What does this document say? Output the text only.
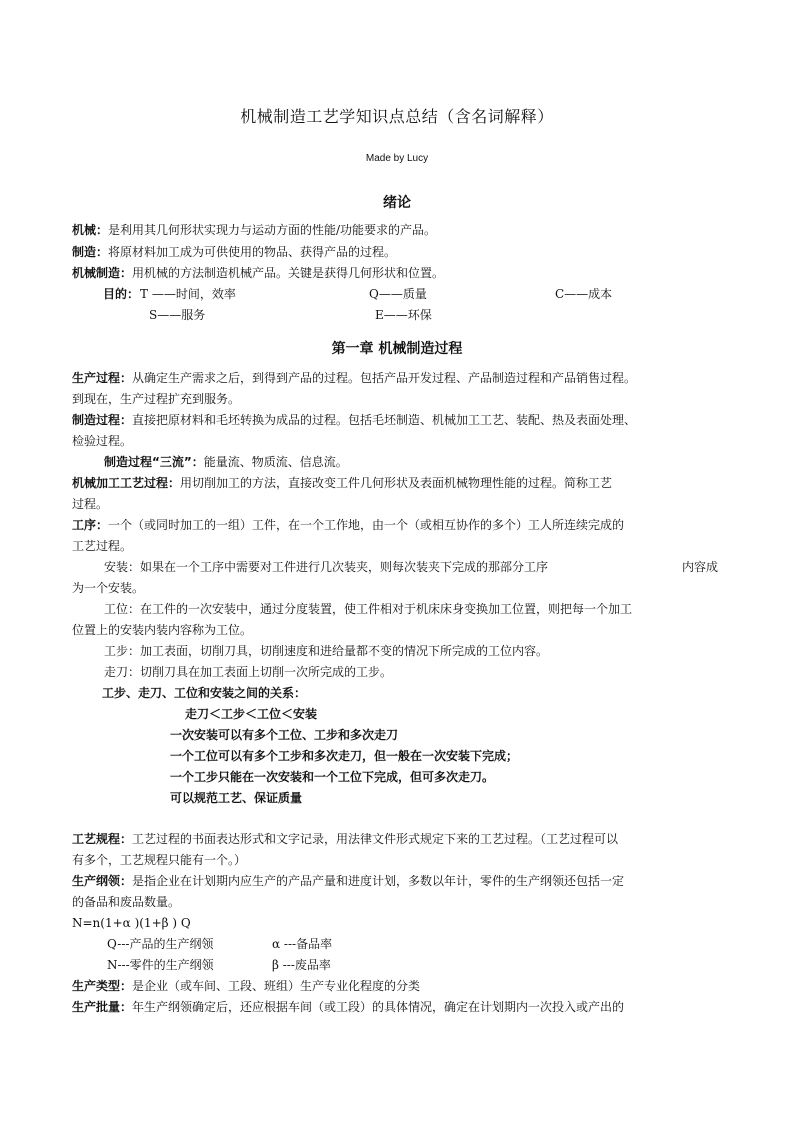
机械制造工艺学知识点总结（含名词解释）
Made by Lucy
绪论
机械：是利用其几何形状实现力与运动方面的性能/功能要求的产品。
制造：将原材料加工成为可供使用的物品、获得产品的过程。
机械制造：用机械的方法制造机械产品。关键是获得几何形状和位置。
目的： T ——时间，效率	Q——质量	C——成本
S——服务	E——环保
第一章 机械制造过程
生产过程：从确定生产需求之后，到得到产品的过程。包括产品开发过程、产品制造过程和产品销售过程。
到现在，生产过程扩充到服务。
制造过程：直接把原材料和毛坯转换为成品的过程。包括毛坯制造、机械加工工艺、装配、热及表面处理、
检验过程。
制造过程“三流”：能量流、物质流、信息流。
机械加工工艺过程：用切削加工的方法，直接改变工件几何形状及表面机械物理性能的过程。简称工艺
过程。
工序：一个（或同时加工的一组）工件，在一个工作地，由一个（或相互协作的多个）工人所连续完成的
工艺过程。
安装：如果在一个工序中需要对工件进行几次装夹，则每次装夹下完成的那部分工序	内容成
为一个安装。
工位：在工件的一次安装中，通过分度装置，使工件相对于机床床身变换加工位置，则把每一个加工
位置上的安装内装内容称为工位。
工步：加工表面，切削刀具，切削速度和进给量都不变的情况下所完成的工位内容。
走刀：切削刀具在加工表面上切削一次所完成的工步。
工步、走刀、工位和安装之间的关系：
走刀＜工步＜工位＜安装
一次安装可以有多个工位、工步和多次走刀
一个工位可以有多个工步和多次走刀，但一般在一次安装下完成；
一个工步只能在一次安装和一个工位下完成，但可多次走刀。
可以规范工艺、保证质量
工艺规程：工艺过程的书面表达形式和文字记录，用法律文件形式规定下来的工艺过程。（工艺过程可以
有多个，工艺规程只能有一个。）
生产纲领：是指企业在计划期内应生产的产品产量和进度计划，多数以年计，零件的生产纲领还包括一定
的备品和废品数量。
N=n(1+α )(1+β ) Q
Q---产品的生产纲领	α ---备品率
N---零件的生产纲领	β ---废品率
生产类型：是企业（或车间、工段、班组）生产专业化程度的分类
生产批量：年生产纲领确定后，还应根据车间（或工段）的具体情况，确定在计划期内一次投入或产出的
